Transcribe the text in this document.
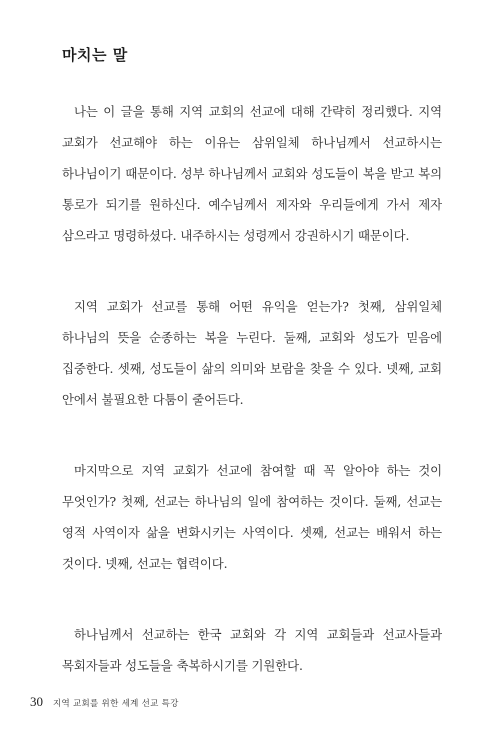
마치는 말

나는 이 글을 통해 지역 교회의 선교에 대해 간략히 정리했다. 지역 교회가 선교해야 하는 이유는 삼위일체 하나님께서 선교하시는 하나님이기 때문이다. 성부 하나님께서 교회와 성도들이 복을 받고 복의 통로가 되기를 원하신다. 예수님께서 제자와 우리들에게 가서 제자 삼으라고 명령하셨다. 내주하시는 성령께서 강권하시기 때문이다.

지역 교회가 선교를 통해 어떤 유익을 얻는가? 첫째, 삼위일체 하나님의 뜻을 순종하는 복을 누린다. 둘째, 교회와 성도가 믿음에 집중한다. 셋째, 성도들이 삶의 의미와 보람을 찾을 수 있다. 넷째, 교회 안에서 불필요한 다툼이 줄어든다.

마지막으로 지역 교회가 선교에 참여할 때 꼭 알아야 하는 것이 무엇인가? 첫째, 선교는 하나님의 일에 참여하는 것이다. 둘째, 선교는 영적 사역이자 삶을 변화시키는 사역이다. 셋째, 선교는 배워서 하는 것이다. 넷째, 선교는 협력이다.

하나님께서 선교하는 한국 교회와 각 지역 교회들과 선교사들과 목회자들과 성도들을 축복하시기를 기원한다.

30 지역 교회를 위한 세계 선교 특강
